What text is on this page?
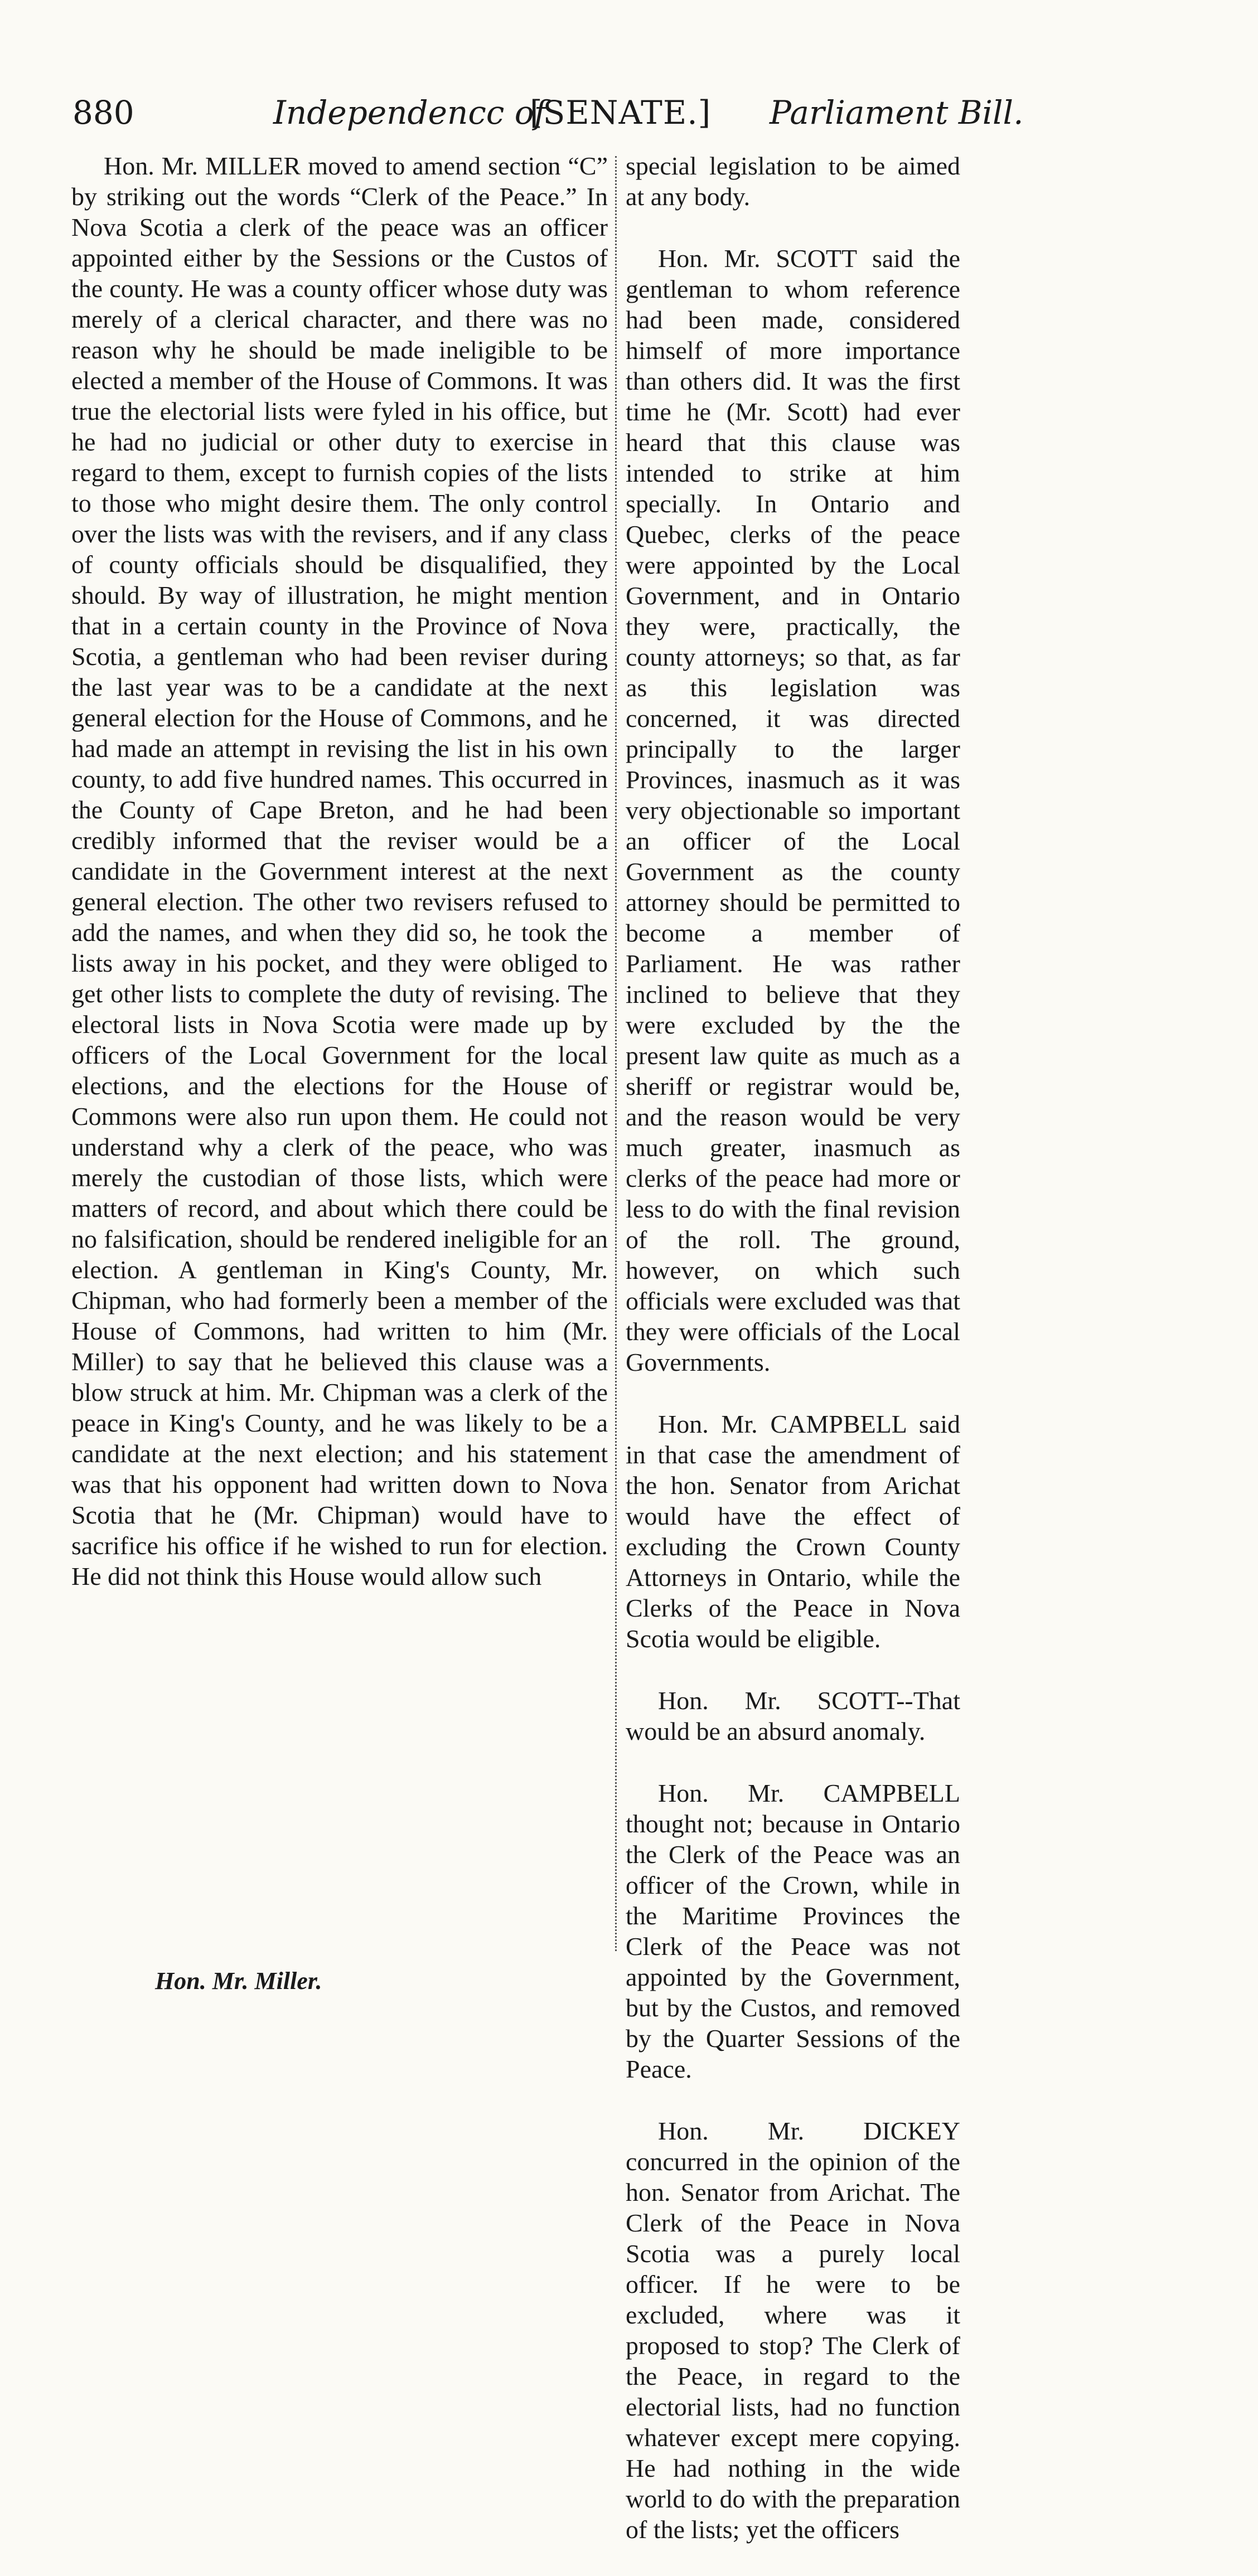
880	Independencc of
[SENATE.] Parliament Bill.

Hon. Mr. MILLER moved to amend section “C” by striking out the words “Clerk of the Peace.” In Nova Scotia a clerk of the peace was an officer appointed either by the Sessions or the Custos of the county. He was a county officer whose duty was merely of a clerical character, and there was no reason why he should be made ineligible to be elected a member of the House of Commons. It was true the electorial lists were fyled in his office, but he had no judicial or other duty to exercise in regard to them, except to furnish copies of the lists to those who might desire them. The only control over the lists was with the revisers, and if any class of county officials should be disqualified, they should. By way of illustration, he might mention that in a certain county in the Province of Nova Scotia, a gentleman who had been reviser during the last year was to be a candidate at the next general election for the House of Commons, and he had made an attempt in revising the list in his own county, to add five hundred names. This occurred in the County of Cape Breton, and he had been credibly informed that the reviser would be a candidate in the Government interest at the next general election. The other two revisers refused to add the names, and when they did so, he took the lists away in his pocket, and they were obliged to get other lists to complete the duty of revising. The electoral lists in Nova Scotia were made up by officers of the Local Government for the local elections, and the elections for the House of Commons were also run upon them. He could not understand why a clerk of the peace, who was merely the custodian of those lists, which were matters of record, and about which there could be no falsification, should be rendered ineligible for an election. A gentleman in King's County, Mr. Chipman, who had formerly been a member of the House of Commons, had written to him (Mr. Miller) to say that he believed this clause was a blow struck at him. Mr. Chipman was a clerk of the peace in King's County, and he was likely to be a candidate at the next election; and his statement was that his opponent had written down to Nova Scotia that he (Mr. Chipman) would have to sacrifice his office if he wished to run for election. He did not think this House would allow such

special legislation to be aimed at any body.

Hon. Mr. SCOTT said the gentleman to whom reference had been made, considered himself of more importance than others did. It was the first time he (Mr. Scott) had ever heard that this clause was intended to strike at him specially. In Ontario and Quebec, clerks of the peace were appointed by the Local Government, and in Ontario they were, practically, the county attorneys; so that, as far as this legislation was concerned, it was directed principally to the larger Provinces, inasmuch as it was very objectionable so important an officer of the Local Government as the county attorney should be permitted to become a member of Parliament. He was rather inclined to believe that they were excluded by the the present law quite as much as a sheriff or registrar would be, and the reason would be very much greater, inasmuch as clerks of the peace had more or less to do with the final revision of the roll. The ground, however, on which such officials were excluded was that they were officials of the Local Governments.

Hon. Mr. CAMPBELL said in that case the amendment of the hon. Senator from Arichat would have the effect of excluding the Crown County Attorneys in Ontario, while the Clerks of the Peace in Nova Scotia would be eligible.

Hon. Mr. SCOTT--That would be an absurd anomaly.

Hon. Mr. CAMPBELL thought not; because in Ontario the Clerk of the Peace was an officer of the Crown, while in the Maritime Provinces the Clerk of the Peace was not appointed by the Government, but by the Custos, and removed by the Quarter Sessions of the Peace.

Hon. Mr. DICKEY concurred in the opinion of the hon. Senator from Arichat. The Clerk of the Peace in Nova Scotia was a purely local officer. If he were to be excluded, where was it proposed to stop? The Clerk of the Peace, in regard to the electorial lists, had no function whatever except mere copying. He had nothing in the wide world to do with the preparation of the lists; yet the officers

Hon. Mr. Miller.
